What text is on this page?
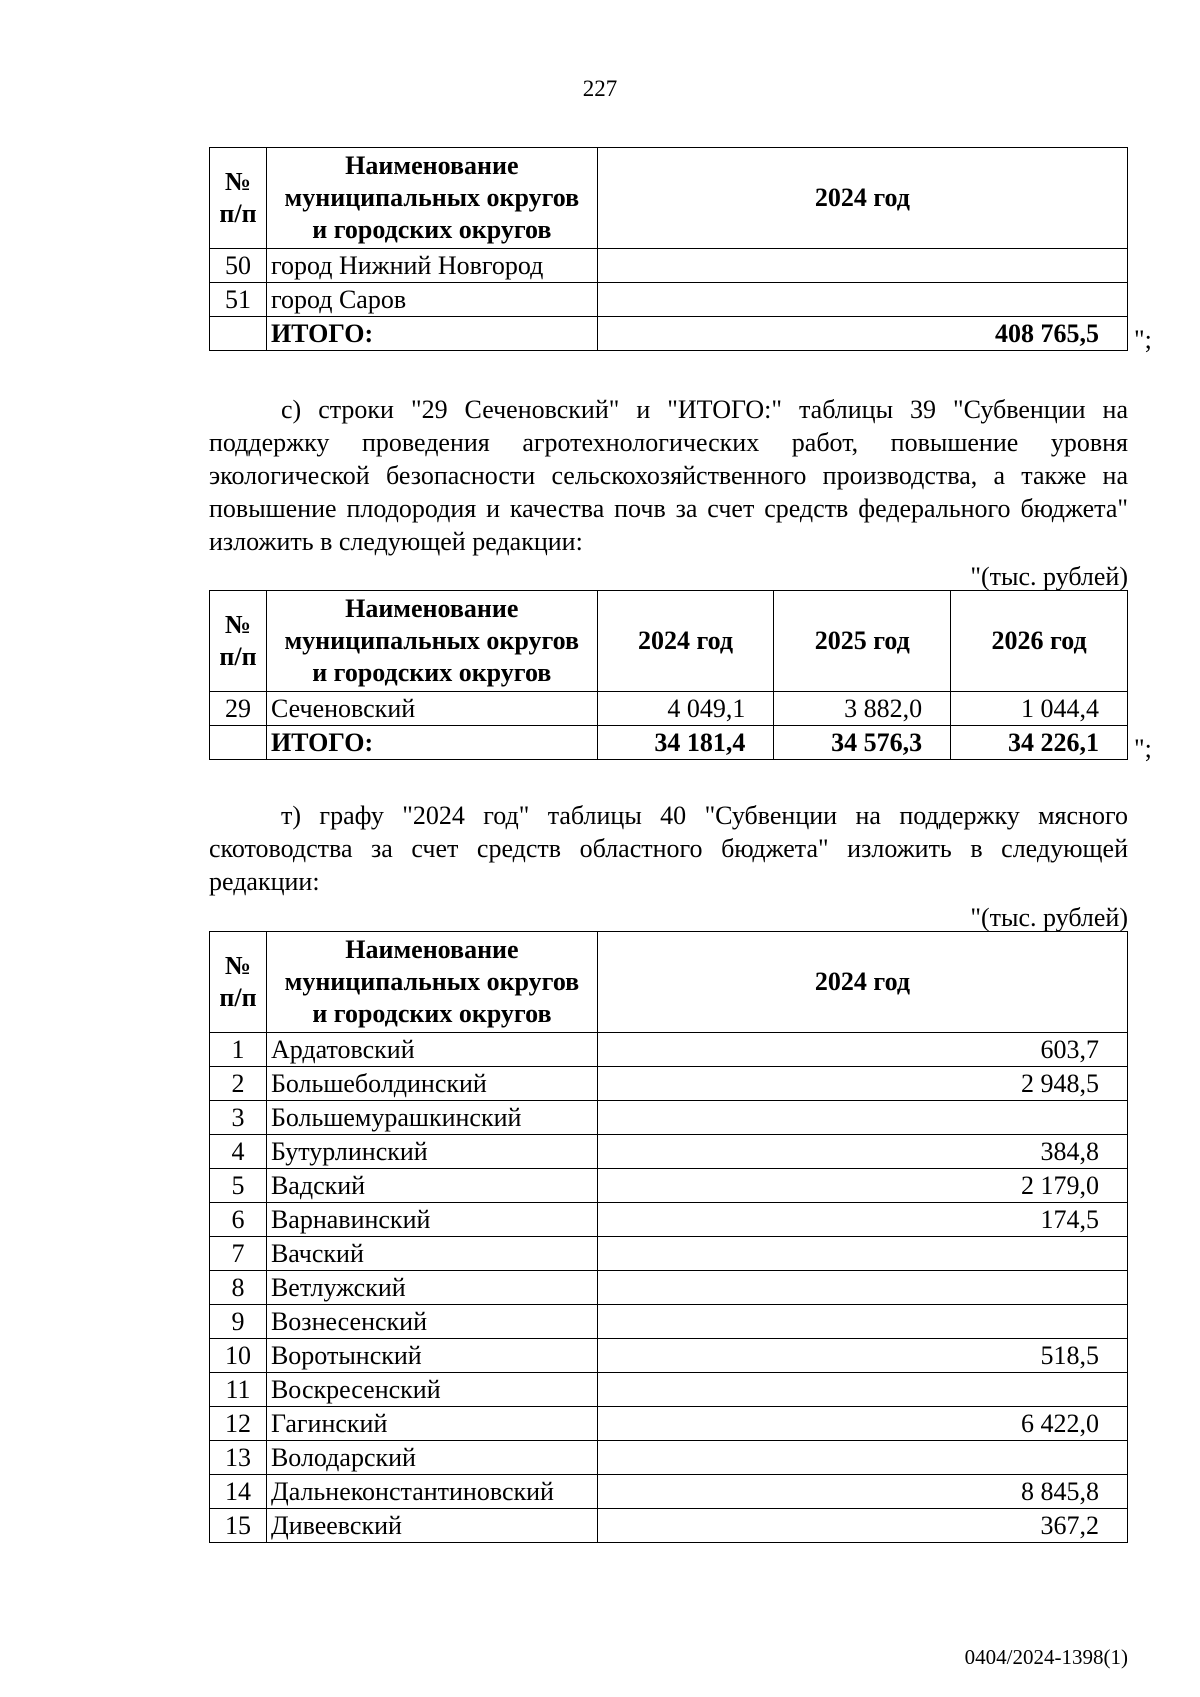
227
№
п/п	Наименование
муниципальных округов
и городских округов	2024 год
50	город Нижний Новгород	
51	город Саров	
	ИТОГО:	408 765,5 ";

с) строки "29 Сеченовский" и "ИТОГО:" таблицы 39 "Субвенции на поддержку проведения агротехнологических работ, повышение уровня экологической безопасности сельскохозяйственного производства, а также на повышение плодородия и качества почв за счет средств федерального бюджета" изложить в следующей редакции:

"(тыс. рублей)
№
п/п	Наименование
муниципальных округов
и городских округов	2024 год	2025 год	2026 год
29	Сеченовский	4 049,1	3 882,0	1 044,4
	ИТОГО:	34 181,4	34 576,3	34 226,1 ";

т) графу "2024 год" таблицы 40 "Субвенции на поддержку мясного скотоводства за счет средств областного бюджета" изложить в следующей редакции:

"(тыс. рублей)
№
п/п	Наименование
муниципальных округов
и городских округов	2024 год
1	Ардатовский	603,7
2	Большеболдинский	2 948,5
3	Большемурашкинский	
4	Бутурлинский	384,8
5	Вадский	2 179,0
6	Варнавинский	174,5
7	Вачский	
8	Ветлужский	
9	Вознесенский	
10	Воротынский	518,5
11	Воскресенский	
12	Гагинский	6 422,0
13	Володарский	
14	Дальнеконстантиновский	8 845,8
15	Дивеевский	367,2
0404/2024-1398(1)
